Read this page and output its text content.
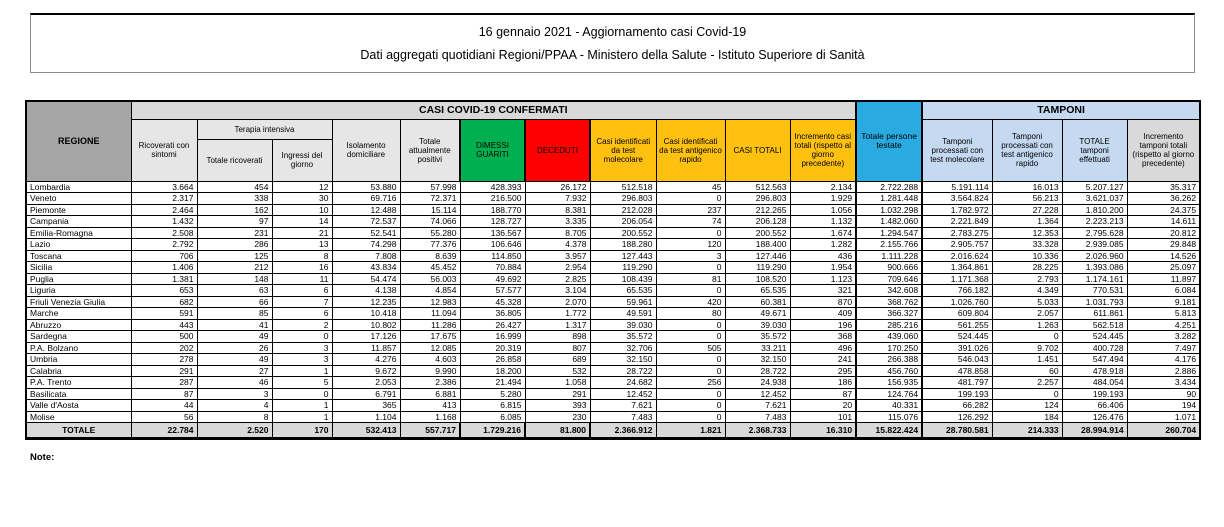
16 gennaio 2021 - Aggiornamento casi Covid-19
Dati aggregati quotidiani Regioni/PPAA - Ministero della Salute - Istituto Superiore di Sanità
REGIONE	CASI COVID-19 CONFERMATI											Totale persone testate	TAMPONI			
	Ricoverati con sintomi	Terapia intensiva		Isolamento domiciliare	Totale attualmente positivi	DIMESSI GUARITI	DECEDUTI	Casi identificati da test molecolare	Casi identificati da test antigenico rapido	CASI TOTALI	Incremento casi totali (rispetto al giorno precedente)		Tamponi processati con test molecolare	Tamponi processati con test antigenico rapido	TOTALE tamponi effettuati	Incremento tamponi totali (rispetto al giorno precedente)
		Totale ricoverati	Ingressi del giorno													
Lombardia	3.664	454	12	53.880	57.998	428.393	26.172	512.518	45	512.563	2.134	2.722.288	5.191.114	16.013	5.207.127	35.317
Veneto	2.317	338	30	69.716	72.371	216.500	7.932	296.803	0	296.803	1.929	1.281.448	3.564.824	56.213	3.621.037	36.262
Piemonte	2.464	162	10	12.488	15.114	188.770	8.381	212.028	237	212.265	1.056	1.032.298	1.782.972	27.228	1.810.200	24.375
Campania	1.432	97	14	72.537	74.066	128.727	3.335	206.054	74	206.128	1.132	1.482.060	2.221.849	1.364	2.223.213	14.611
Emilia-Romagna	2.508	231	21	52.541	55.280	136.567	8.705	200.552	0	200.552	1.674	1.294.547	2.783.275	12.353	2.795.628	20.812
Lazio	2.792	286	13	74.298	77.376	106.646	4.378	188.280	120	188.400	1.282	2.155.766	2.905.757	33.328	2.939.085	29.848
Toscana	706	125	8	7.808	8.639	114.850	3.957	127.443	3	127.446	436	1.111.228	2.016.624	10.336	2.026.960	14.526
Sicilia	1.406	212	16	43.834	45.452	70.884	2.954	119.290	0	119.290	1.954	900.666	1.364.861	28.225	1.393.086	25.097
Puglia	1.381	148	11	54.474	56.003	49.692	2.825	108.439	81	108.520	1.123	709.646	1.171.368	2.793	1.174.161	11.897
Liguria	653	63	6	4.138	4.854	57.577	3.104	65.535	0	65.535	321	342.608	766.182	4.349	770.531	6.084
Friuli Venezia Giulia	682	66	7	12.235	12.983	45.328	2.070	59.961	420	60.381	870	368.762	1.026.760	5.033	1.031.793	9.181
Marche	591	85	6	10.418	11.094	36.805	1.772	49.591	80	49.671	409	366.327	609.804	2.057	611.861	5.813
Abruzzo	443	41	2	10.802	11.286	26.427	1.317	39.030	0	39.030	196	285.216	561.255	1.263	562.518	4.251
Sardegna	500	49	0	17.126	17.675	16.999	898	35.572	0	35.572	368	439.060	524.445	0	524.445	3.282
P.A. Bolzano	202	26	3	11.857	12.085	20.319	807	32.706	505	33.211	496	170.250	391.026	9.702	400.728	7.497
Umbria	278	49	3	4.276	4.603	26.858	689	32.150	0	32.150	241	266.388	546.043	1.451	547.494	4.176
Calabria	291	27	1	9.672	9.990	18.200	532	28.722	0	28.722	295	456.760	478.858	60	478.918	2.886
P.A. Trento	287	46	5	2.053	2.386	21.494	1.058	24.682	256	24.938	186	156.935	481.797	2.257	484.054	3.434
Basilicata	87	3	0	6.791	6.881	5.280	291	12.452	0	12.452	87	124.764	199.193	0	199.193	90
Valle d'Aosta	44	4	1	365	413	6.815	393	7.621	0	7.621	20	40.331	66.282	124	66.406	194
Molise	56	8	1	1.104	1.168	6.085	230	7.483	0	7.483	101	115.076	126.292	184	126.476	1.071
TOTALE	22.784	2.520	170	532.413	557.717	1.729.216	81.800	2.366.912	1.821	2.368.733	16.310	15.822.424	28.780.581	214.333	28.994.914	260.704
Note:
